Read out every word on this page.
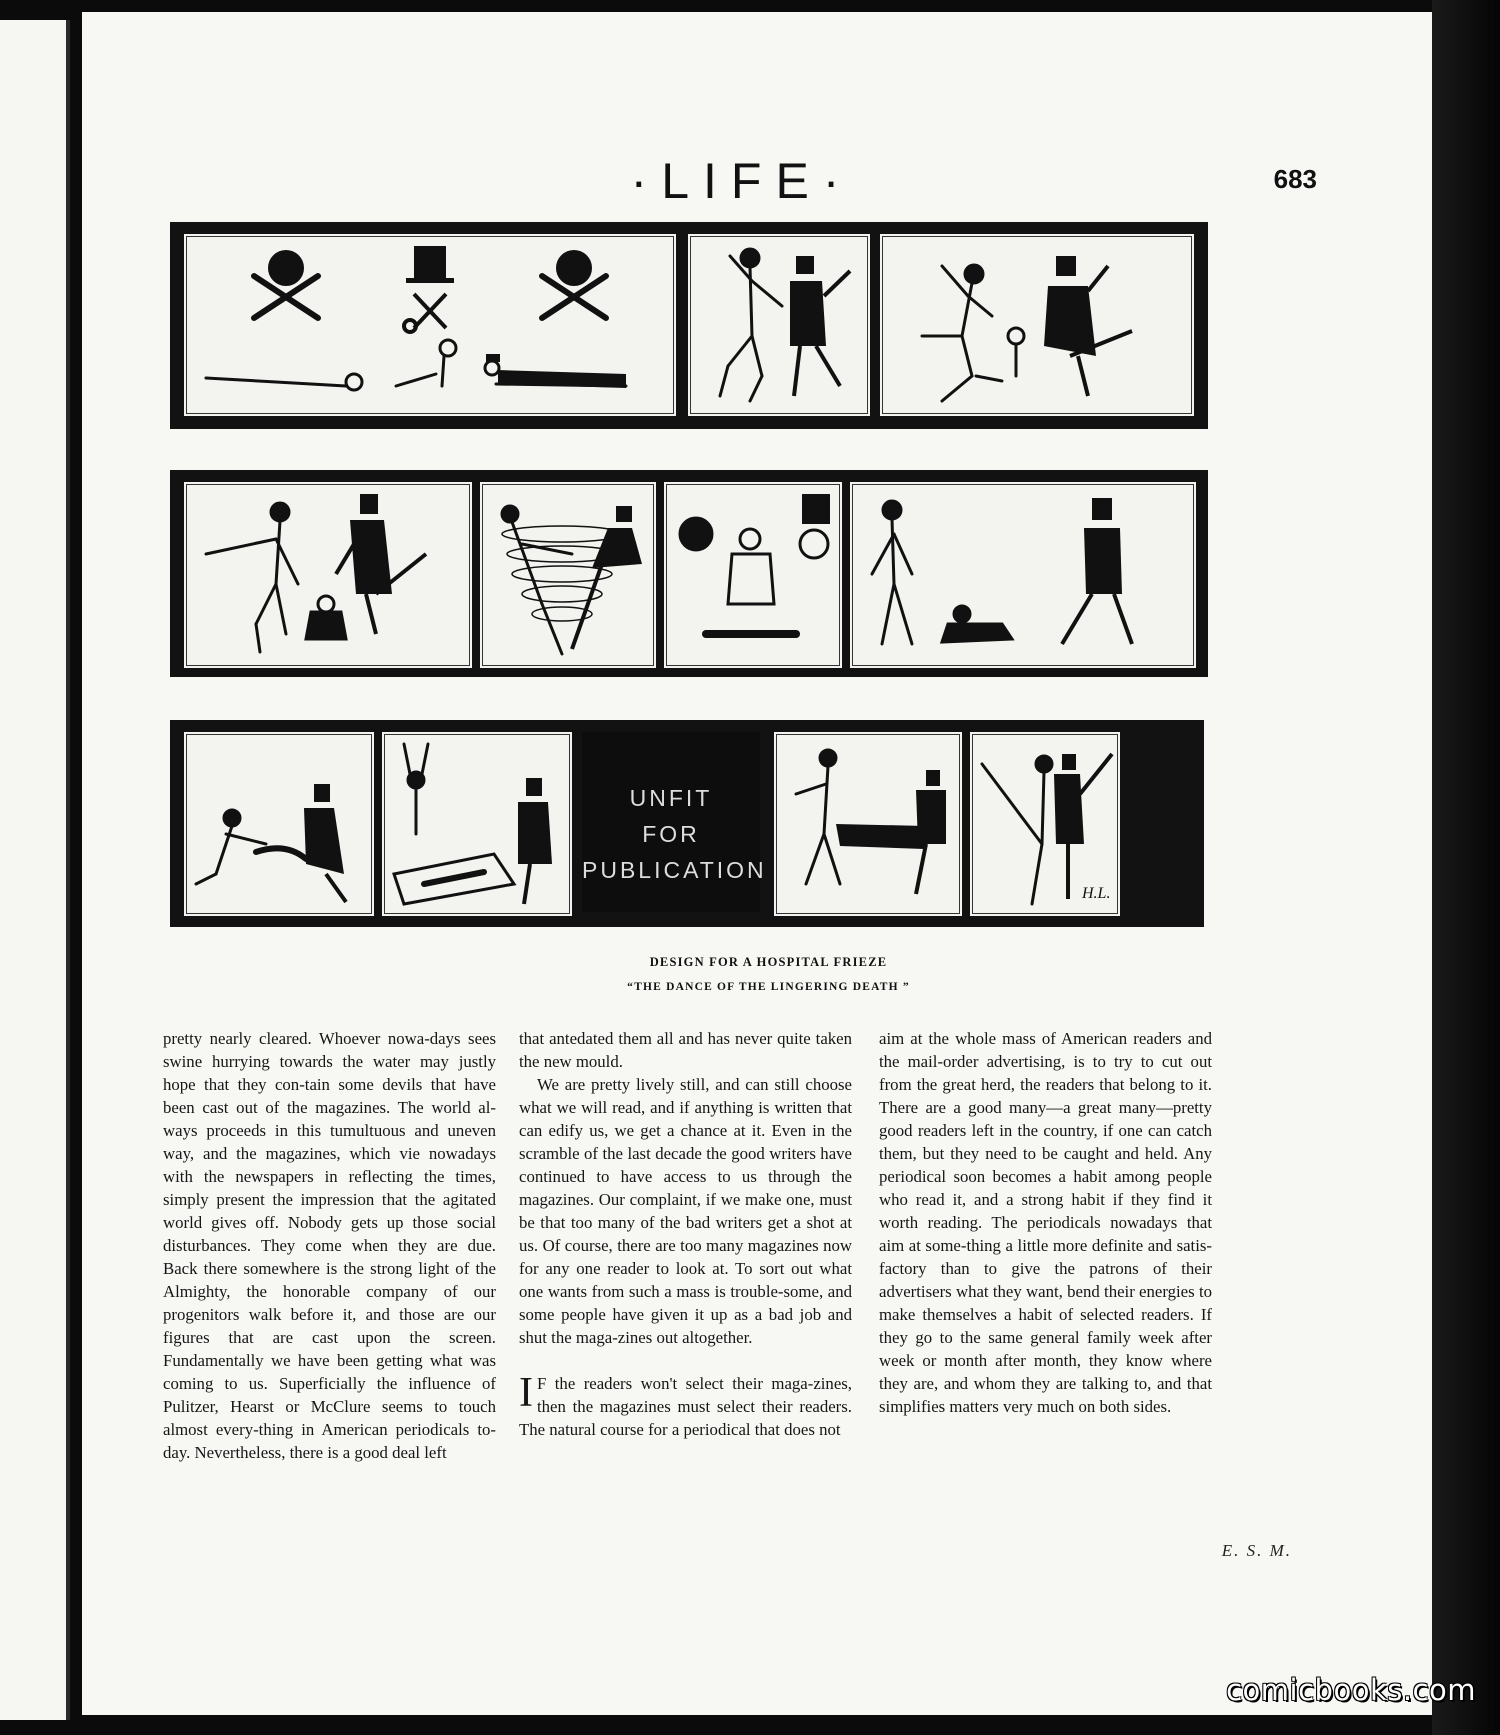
·LIFE·	683
UNFIT
FOR
PUBLICATION
H.L.
DESIGN FOR A HOSPITAL FRIEZE
“THE DANCE OF THE LINGERING DEATH ”

pretty nearly cleared. Whoever nowa-days sees swine hurrying towards the water may justly hope that they con-tain some devils that have been cast out of the magazines. The world al-ways proceeds in this tumultuous and uneven way, and the magazines, which vie nowadays with the newspapers in reflecting the times, simply present the impression that the agitated world gives off. Nobody gets up those social disturbances. They come when they are due. Back there somewhere is the strong light of the Almighty, the honorable company of our progenitors walk before it, and those are our figures that are cast upon the screen. Fundamentally we have been getting what was coming to us. Superficially the influence of Pulitzer, Hearst or McClure seems to touch almost every-thing in American periodicals to-day. Nevertheless, there is a good deal left

that antedated them all and has never quite taken the new mould.

We are pretty lively still, and can still choose what we will read, and if anything is written that can edify us, we get a chance at it. Even in the scramble of the last decade the good writers have continued to have access to us through the magazines. Our complaint, if we make one, must be that too many of the bad writers get a shot at us. Of course, there are too many magazines now for any one reader to look at. To sort out what one wants from such a mass is trouble-some, and some people have given it up as a bad job and shut the maga-zines out altogether.

I F the readers won't select their maga-zines, then the magazines must select their readers. The natural course for a periodical that does not

aim at the whole mass of American readers and the mail-order advertising, is to try to cut out from the great herd, the readers that belong to it. There are a good many—a great many—pretty good readers left in the country, if one can catch them, but they need to be caught and held. Any periodical soon becomes a habit among people who read it, and a strong habit if they find it worth reading. The periodicals nowadays that aim at some-thing a little more definite and satis-factory than to give the patrons of their advertisers what they want, bend their energies to make themselves a habit of selected readers. If they go to the same general family week after week or month after month, they know where they are, and whom they are talking to, and that simplifies matters very much on both sides.

E. S. M.
comicbooks.com
